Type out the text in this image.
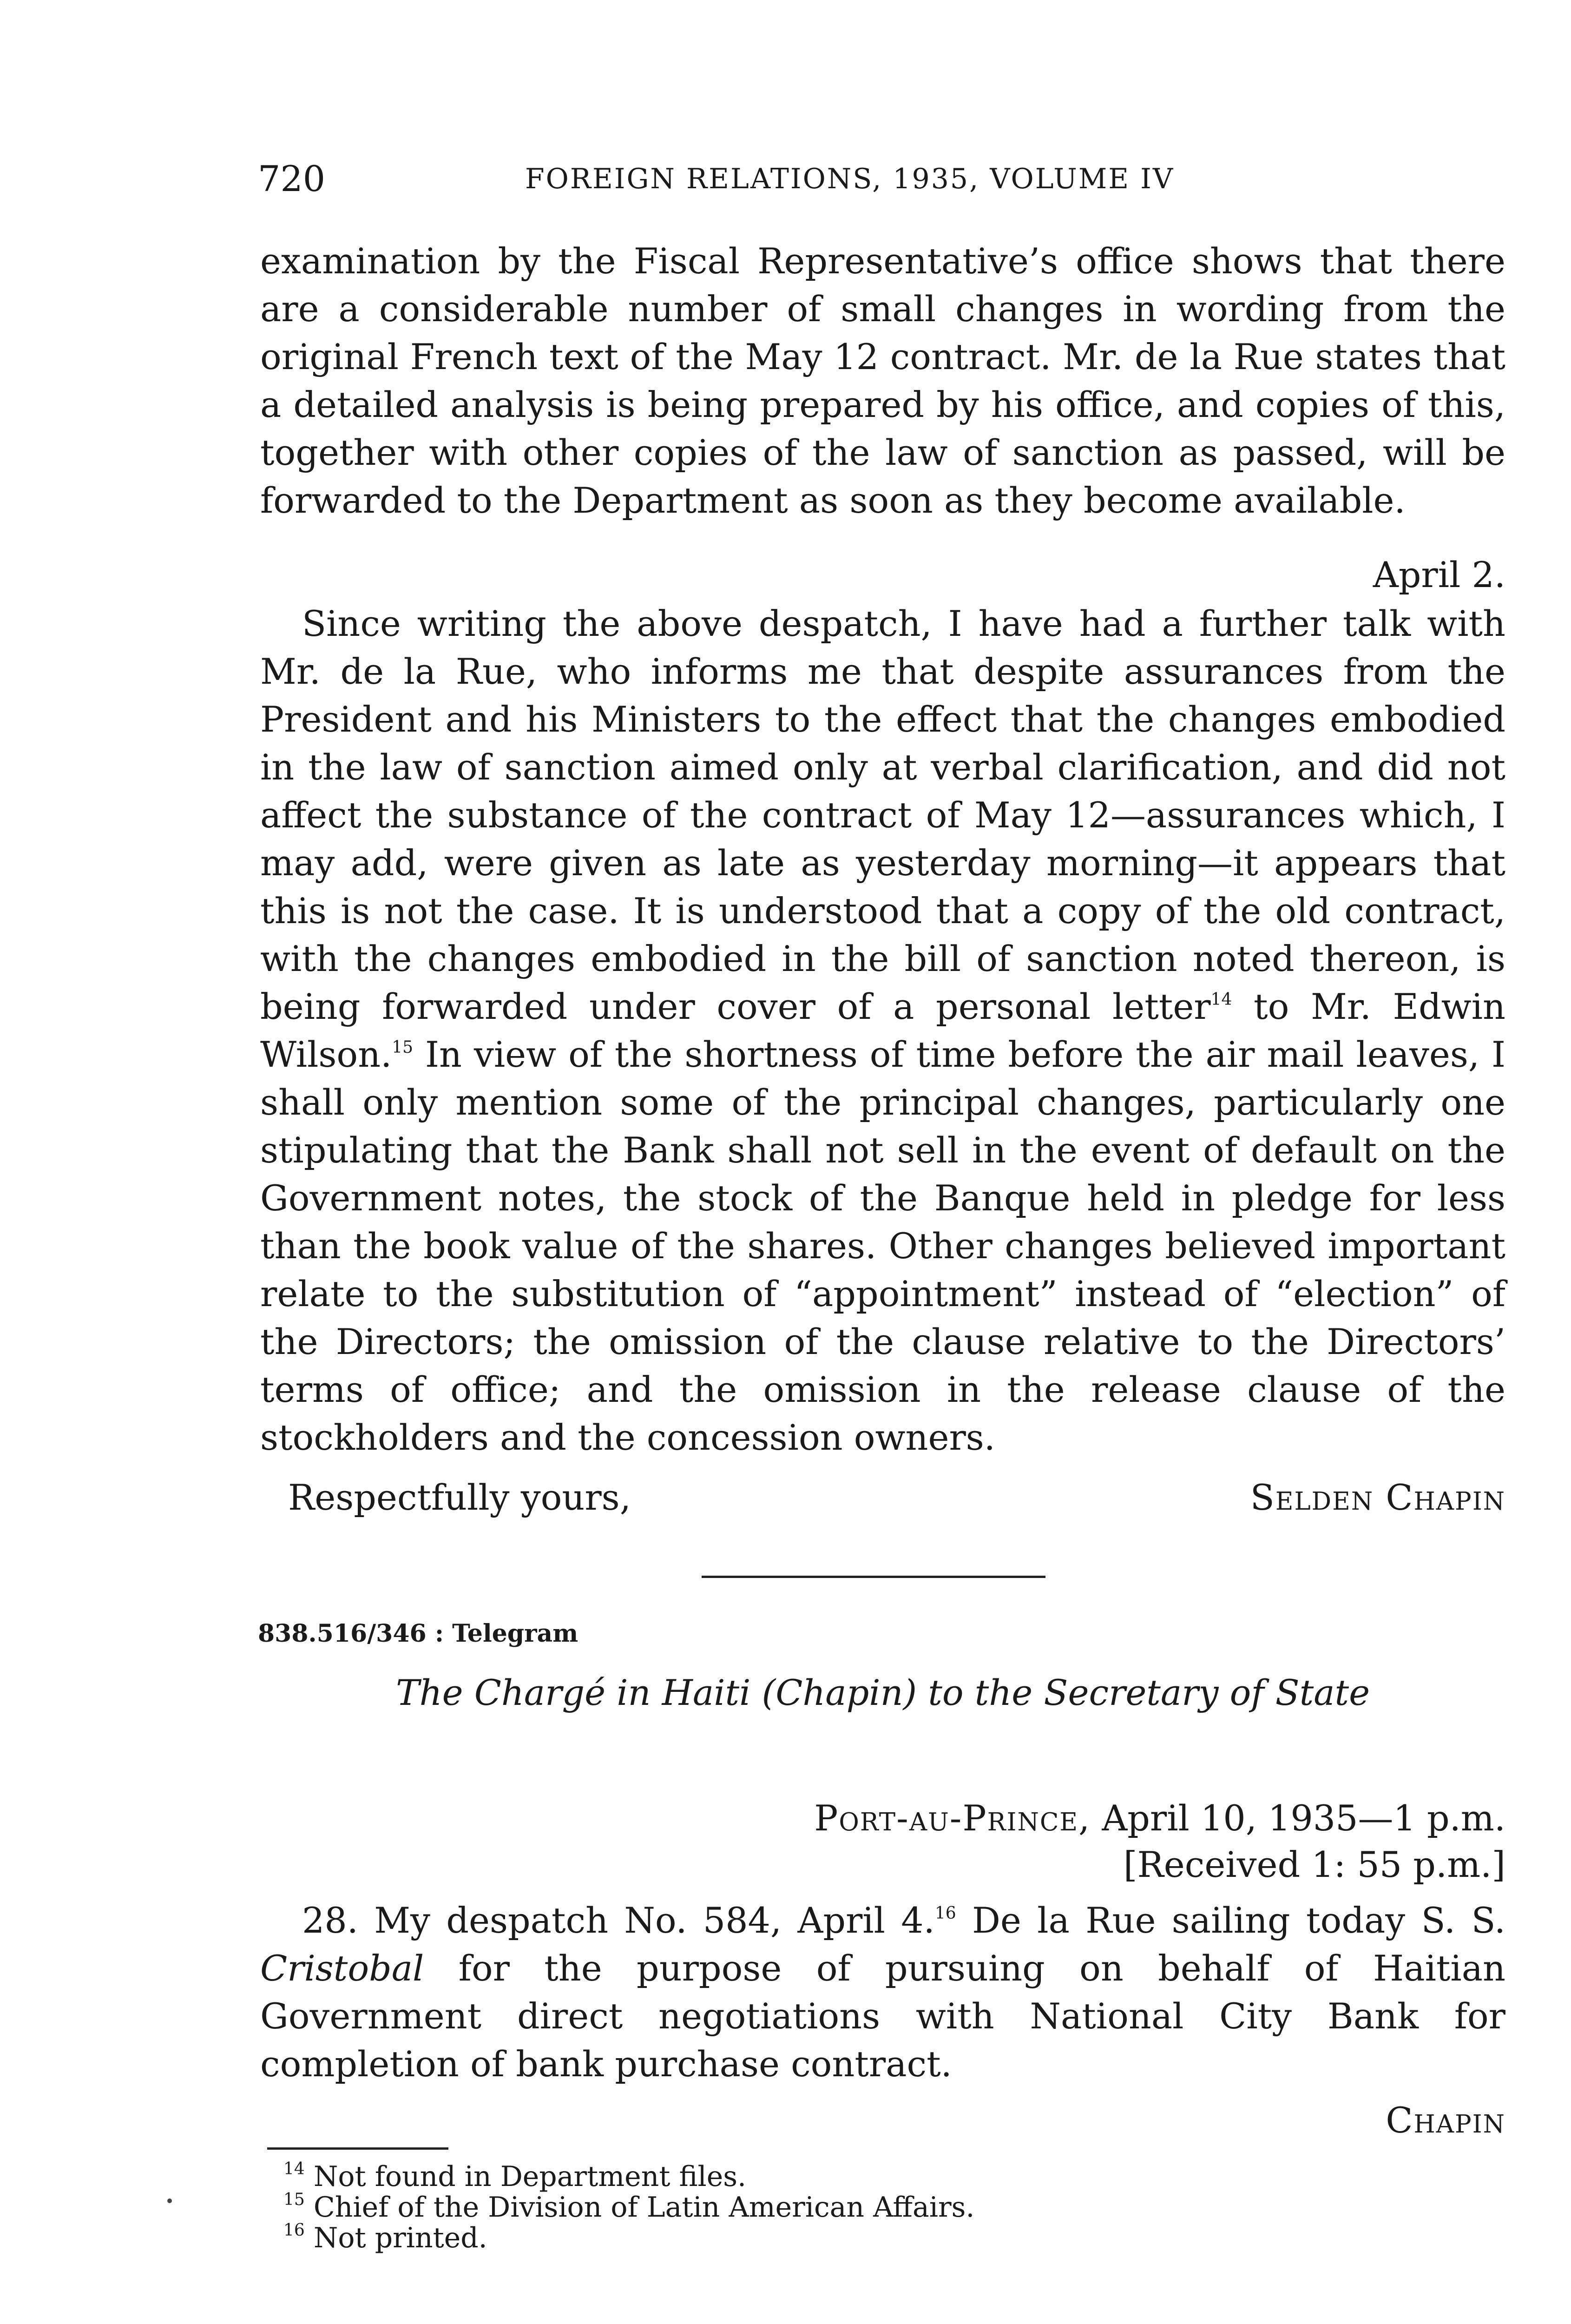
720	FOREIGN RELATIONS, 1935, VOLUME IV

examination by the Fiscal Representative’s office shows that there are a considerable number of small changes in wording from the original French text of the May 12 contract. Mr. de la Rue states that a detailed analysis is being prepared by his office, and copies of this, together with other copies of the law of sanction as passed, will be forwarded to the Department as soon as they become available.

April 2.

Since writing the above despatch, I have had a further talk with Mr. de la Rue, who informs me that despite assurances from the President and his Ministers to the effect that the changes embodied in the law of sanction aimed only at verbal clarification, and did not affect the substance of the contract of May 12—assurances which, I may add, were given as late as yesterday morning—it appears that this is not the case. It is understood that a copy of the old contract, with the changes embodied in the bill of sanction noted thereon, is being forwarded under cover of a personal letter$^{14}$ to Mr. Edwin Wilson.$^{15}$ In view of the shortness of time before the air mail leaves, I shall only mention some of the principal changes, particularly one stipulating that the Bank shall not sell in the event of default on the Government notes, the stock of the Banque held in pledge for less than the book value of the shares. Other changes believed important relate to the substitution of “appointment” instead of “election” of the Directors; the omission of the clause relative to the Directors’ terms of office; and the omission in the release clause of the stockholders and the concession owners.

Respectfully yours,	Selden Chapin
838.516/346 : Telegram
The Chargé in Haiti (Chapin) to the Secretary of State
Port-au-Prince, April 10, 1935—1 p.m.
[Received 1: 55 p.m.]

28. My despatch No. 584, April 4.16 De la Rue sailing today S. S. Cristobal for the purpose of pursuing on behalf of Haitian Government direct negotiations with National City Bank for completion of bank purchase contract.

Chapin
$^{14}$ Not found in Department files.
$^{15}$ Chief of the Division of Latin American Affairs.
$^{16}$ Not printed.
